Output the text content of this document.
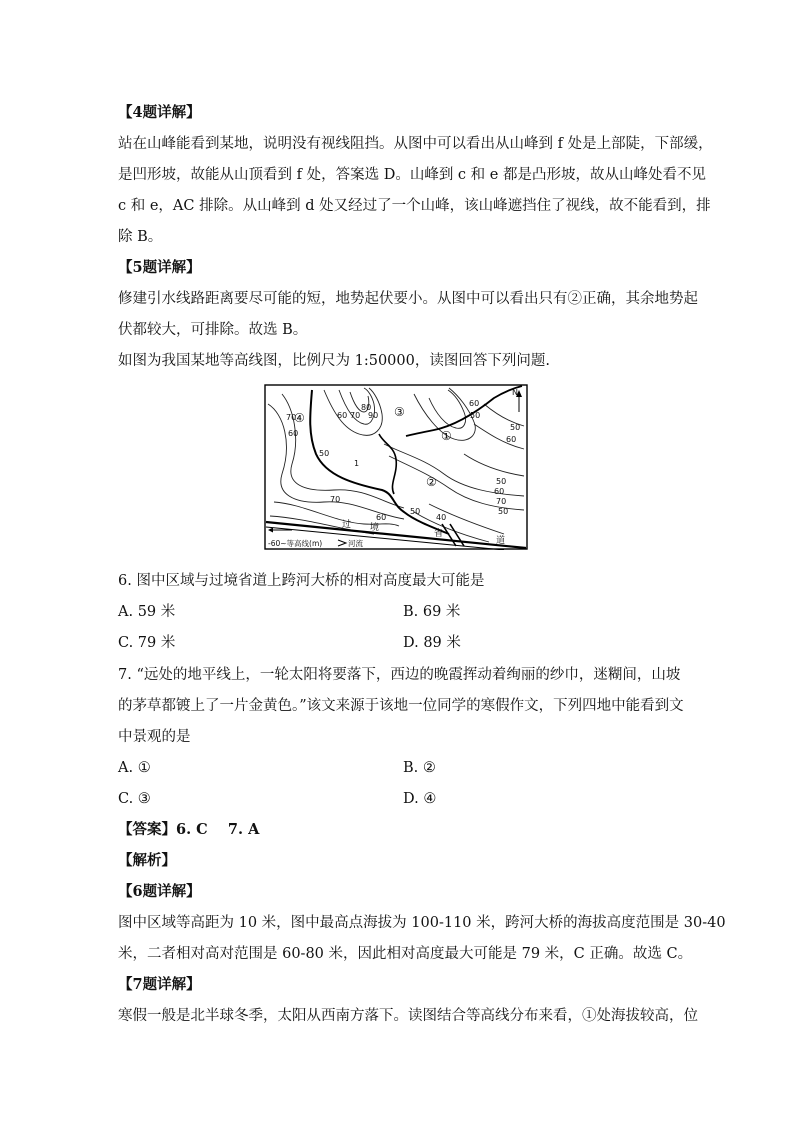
【4题详解】
站在山峰能看到某地，说明没有视线阻挡。从图中可以看出从山峰到 f 处是上部陡，下部缓，
是凹形坡，故能从山顶看到 f 处，答案选 D。山峰到 c 和 e 都是凸形坡，故从山峰处看不见
c 和 e，AC 排除。从山峰到 d 处又经过了一个山峰，该山峰遮挡住了视线，故不能看到，排
除 B。
【5题详解】
修建引水线路距离要尽可能的短，地势起伏要小。从图中可以看出只有②正确，其余地势起
伏都较大，可排除。故选 B。
如图为我国某地等高线图，比例尺为 1:50000，读图回答下列问题.
70
60
50
60 70
80
90
60
50
50
60
50
60
70
50
70
60
50
40
①
②
③
④
1
过 境
省
道
N
-60~等高线(m)	河流
6. 图中区域与过境省道上跨河大桥的相对高度最大可能是
A. 59 米	B. 69 米
C. 79 米	D. 89 米
7. “远处的地平线上，一轮太阳将要落下，西边的晚霞挥动着绚丽的纱巾，迷糊间，山坡
的茅草都镀上了一片金黄色。”该文来源于该地一位同学的寒假作文，下列四地中能看到文
中景观的是
A. ①	B. ②
C. ③	D. ④
【答案】6. C    7. A
【解析】
【6题详解】
图中区域等高距为 10 米，图中最高点海拔为 100-110 米，跨河大桥的海拔高度范围是 30-40
米，二者相对高对范围是 60-80 米，因此相对高度最大可能是 79 米，C 正确。故选 C。
【7题详解】
寒假一般是北半球冬季，太阳从西南方落下。读图结合等高线分布来看，①处海拔较高，位
